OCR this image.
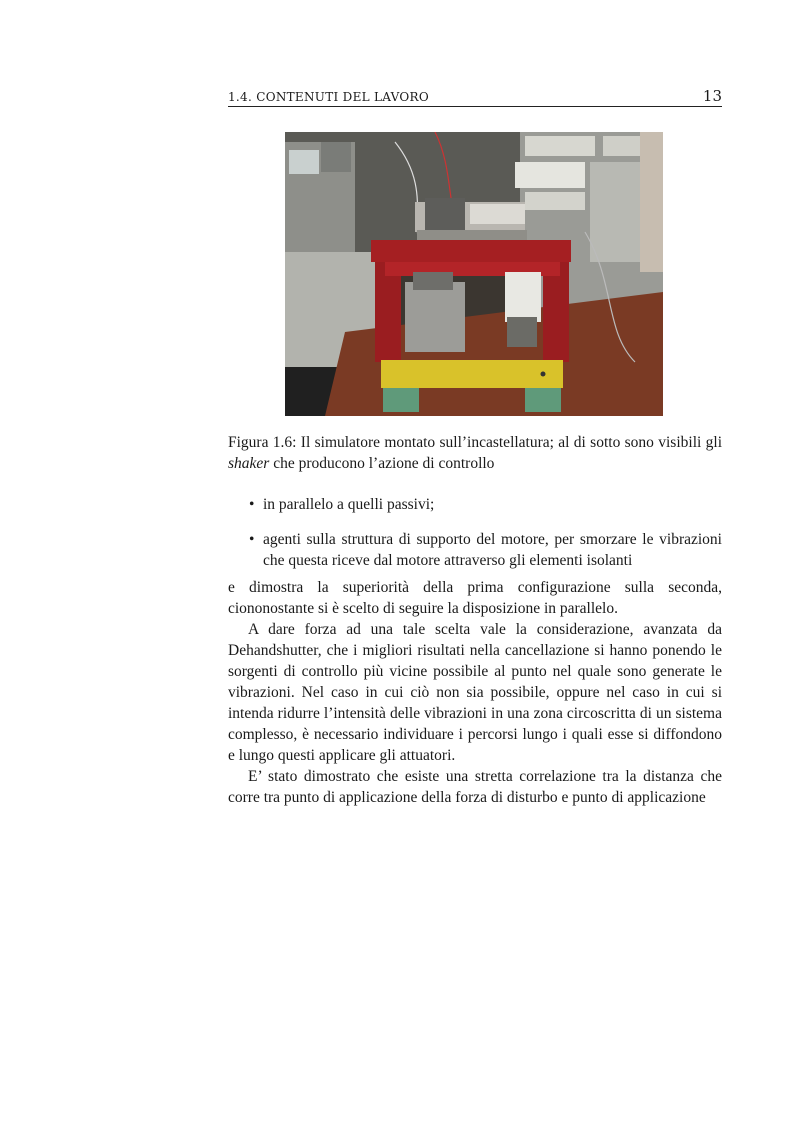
1.4. CONTENUTI DEL LAVORO	13
Figura 1.6: Il simulatore montato sull’incastellatura; al di sotto sono visibili gli shaker che producono l’azione di controllo
• in parallelo a quelli passivi;
• agenti sulla struttura di supporto del motore, per smorzare le vibrazioni che questa riceve dal motore attraverso gli elementi isolanti

e dimostra la superiorità della prima configurazione sulla seconda, ciononostante si è scelto di seguire la disposizione in parallelo.

A dare forza ad una tale scelta vale la considerazione, avanzata da Dehandshutter, che i migliori risultati nella cancellazione si hanno ponendo le sorgenti di controllo più vicine possibile al punto nel quale sono generate le vibrazioni. Nel caso in cui ciò non sia possibile, oppure nel caso in cui si intenda ridurre l’intensità delle vibrazioni in una zona circoscritta di un sistema complesso, è necessario individuare i percorsi lungo i quali esse si diffondono e lungo questi applicare gli attuatori.

E’ stato dimostrato che esiste una stretta correlazione tra la distanza che corre tra punto di applicazione della forza di disturbo e punto di applicazione
